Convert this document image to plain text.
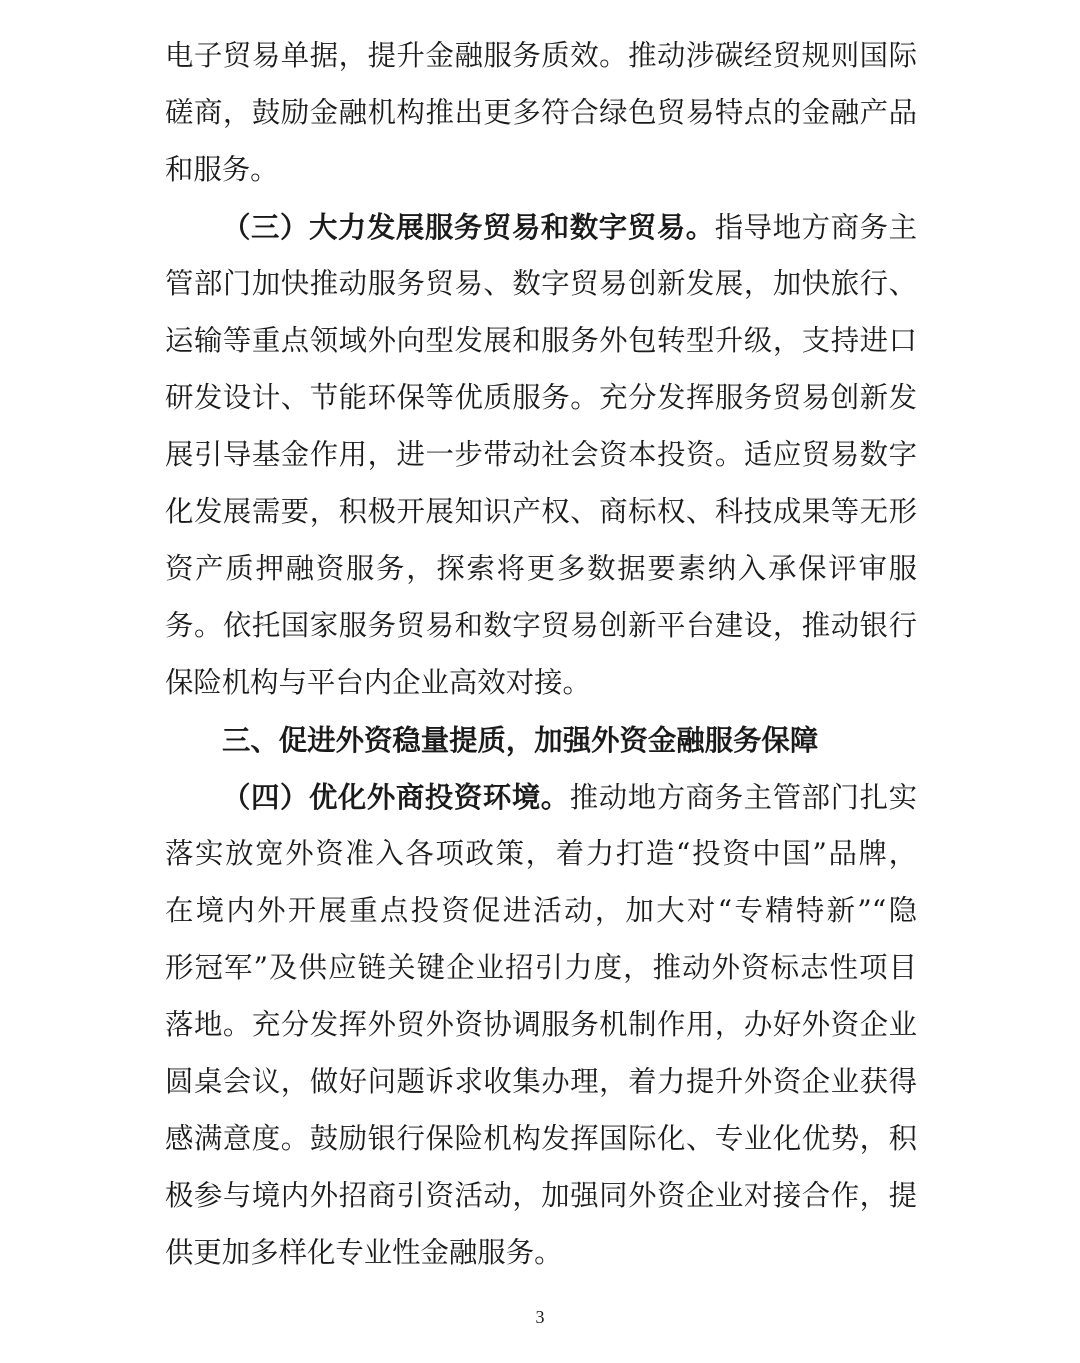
电子贸易单据，提升金融服务质效。推动涉碳经贸规则国际
磋商，鼓励金融机构推出更多符合绿色贸易特点的金融产品
和服务。
（三）大力发展服务贸易和数字贸易。指导地方商务主
管部门加快推动服务贸易、数字贸易创新发展，加快旅行、
运输等重点领域外向型发展和服务外包转型升级，支持进口
研发设计、节能环保等优质服务。充分发挥服务贸易创新发
展引导基金作用，进一步带动社会资本投资。适应贸易数字
化发展需要，积极开展知识产权、商标权、科技成果等无形
资产质押融资服务，探索将更多数据要素纳入承保评审服
务。依托国家服务贸易和数字贸易创新平台建设，推动银行
保险机构与平台内企业高效对接。
三、促进外资稳量提质，加强外资金融服务保障
（四）优化外商投资环境。推动地方商务主管部门扎实
落实放宽外资准入各项政策，着力打造“投资中国”品牌，
在境内外开展重点投资促进活动，加大对“专精特新”“隐
形冠军”及供应链关键企业招引力度，推动外资标志性项目
落地。充分发挥外贸外资协调服务机制作用，办好外资企业
圆桌会议，做好问题诉求收集办理，着力提升外资企业获得
感满意度。鼓励银行保险机构发挥国际化、专业化优势，积
极参与境内外招商引资活动，加强同外资企业对接合作，提
供更加多样化专业性金融服务。
3
